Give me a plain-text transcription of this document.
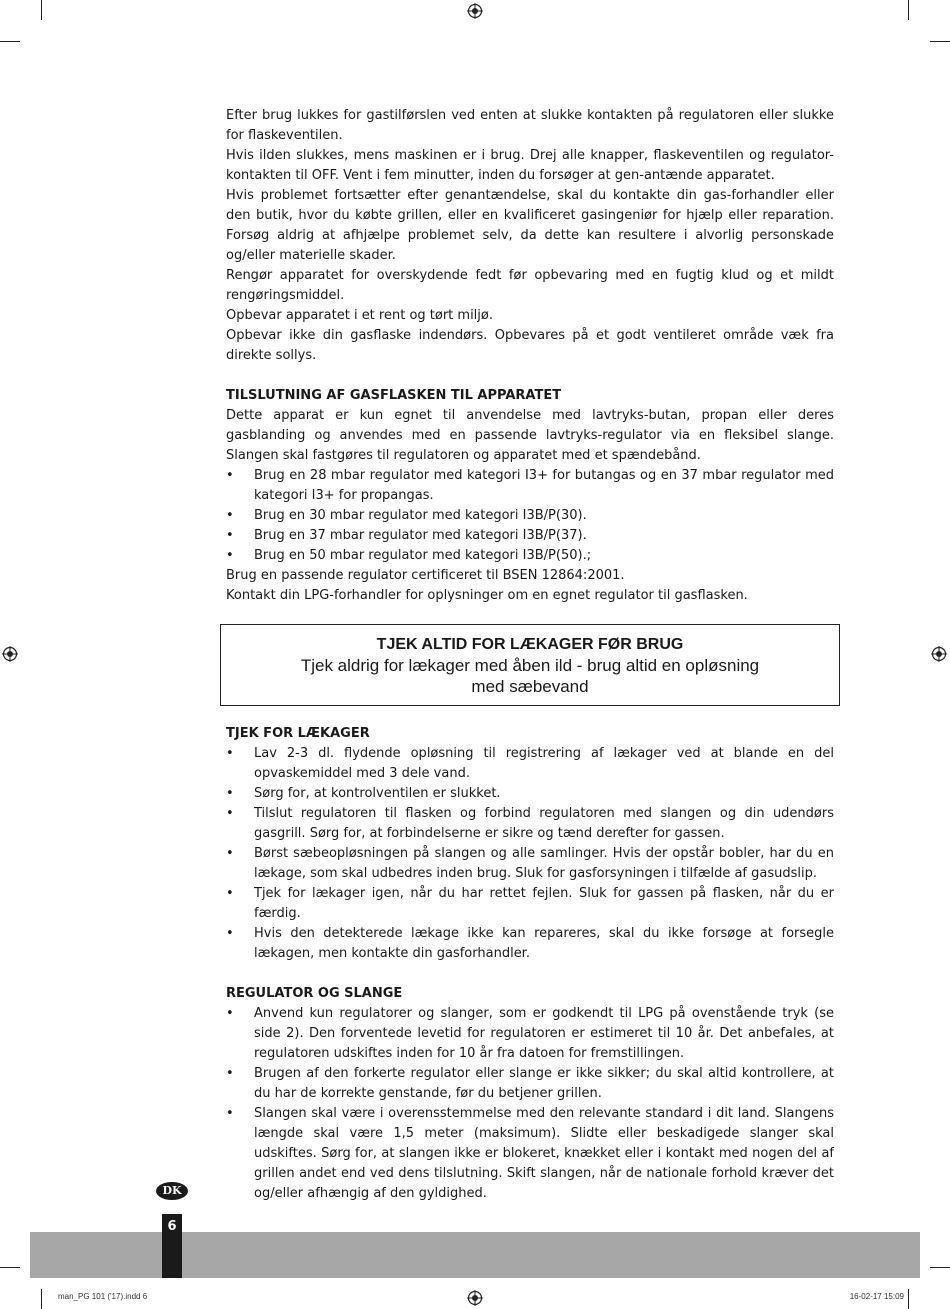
Efter brug lukkes for gastilførslen ved enten at slukke kontakten på regulatoren eller slukke for flaskeventilen.

Hvis ilden slukkes, mens maskinen er i brug. Drej alle knapper, flaskeventilen og regulator-kontakten til OFF. Vent i fem minutter, inden du forsøger at gen-antænde apparatet.

Hvis problemet fortsætter efter genantændelse, skal du kontakte din gas-forhandler eller den butik, hvor du købte grillen, eller en kvalificeret gasingeniør for hjælp eller reparation. Forsøg aldrig at afhjælpe problemet selv, da dette kan resultere i alvorlig personskade og/eller materielle skader.

Rengør apparatet for overskydende fedt før opbevaring med en fugtig klud og et mildt rengøringsmiddel.

Opbevar apparatet i et rent og tørt miljø.

Opbevar ikke din gasflaske indendørs. Opbevares på et godt ventileret område væk fra direkte sollys.

TILSLUTNING AF GASFLASKEN TIL APPARATET

Dette apparat er kun egnet til anvendelse med lavtryks-butan, propan eller deres gasblanding og anvendes med en passende lavtryks-regulator via en fleksibel slange. Slangen skal fastgøres til regulatoren og apparatet med et spændebånd.

• Brug en 28 mbar regulator med kategori I3+ for butangas og en 37 mbar regulator med kategori I3+ for propangas.
• Brug en 30 mbar regulator med kategori I3B/P(30).
• Brug en 37 mbar regulator med kategori I3B/P(37).
• Brug en 50 mbar regulator med kategori I3B/P(50).;

Brug en passende regulator certificeret til BSEN 12864:2001.

Kontakt din LPG-forhandler for oplysninger om en egnet regulator til gasflasken.

TJEK ALTID FOR LÆKAGER FØR BRUG
Tjek aldrig for lækager med åben ild - brug altid en opløsning
med sæbevand

TJEK FOR LÆKAGER

• Lav 2-3 dl. flydende opløsning til registrering af lækager ved at blande en del opvaskemiddel med 3 dele vand.
• Sørg for, at kontrolventilen er slukket.
• Tilslut regulatoren til flasken og forbind regulatoren med slangen og din udendørs gasgrill. Sørg for, at forbindelserne er sikre og tænd derefter for gassen.
• Børst sæbeopløsningen på slangen og alle samlinger. Hvis der opstår bobler, har du en lækage, som skal udbedres inden brug. Sluk for gasforsyningen i tilfælde af gasudslip.
• Tjek for lækager igen, når du har rettet fejlen. Sluk for gassen på flasken, når du er færdig.
• Hvis den detekterede lækage ikke kan repareres, skal du ikke forsøge at forsegle lækagen, men kontakte din gasforhandler.

REGULATOR OG SLANGE

• Anvend kun regulatorer og slanger, som er godkendt til LPG på ovenstående tryk (se side 2). Den forventede levetid for regulatoren er estimeret til 10 år. Det anbefales, at regulatoren udskiftes inden for 10 år fra datoen for fremstillingen.
• Brugen af den forkerte regulator eller slange er ikke sikker; du skal altid kontrollere, at du har de korrekte genstande, før du betjener grillen.
• Slangen skal være i overensstemmelse med den relevante standard i dit land. Slangens længde skal være 1,5 meter (maksimum). Slidte eller beskadigede slanger skal udskiftes. Sørg for, at slangen ikke er blokeret, knækket eller i kontakt med nogen del af grillen andet end ved dens tilslutning. Skift slangen, når de nationale forhold kræver det og/eller afhængig af den gyldighed.
DK
6
man_PG 101 ('17).indd 6	16-02-17 15:09
